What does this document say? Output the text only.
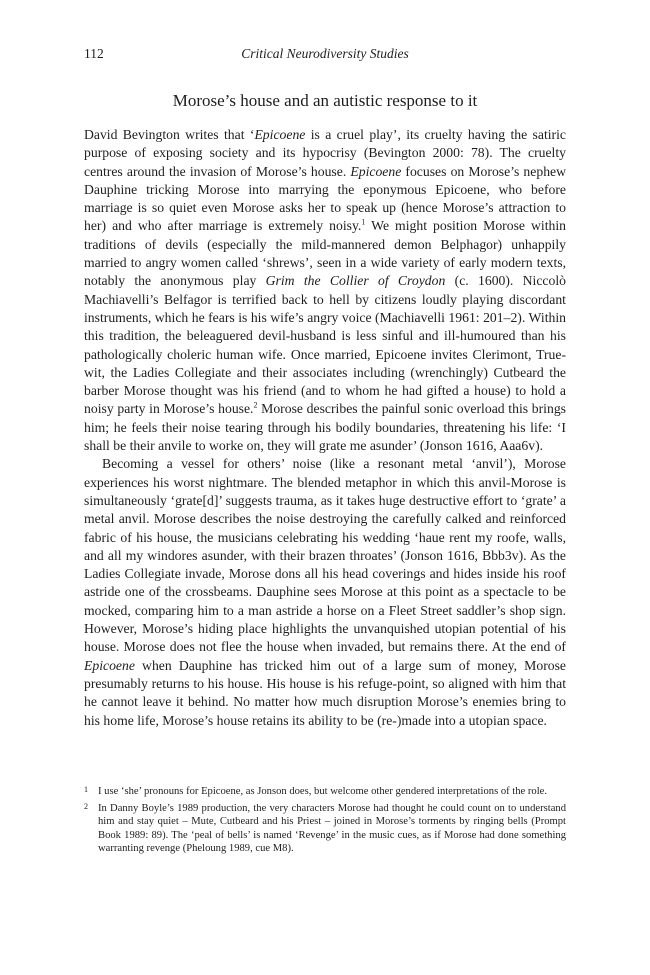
112	Critical Neurodiversity Studies
Morose’s house and an autistic response to it

David Bevington writes that ‘Epicoene is a cruel play’, its cruelty having the satiric purpose of exposing society and its hypocrisy (Bevington 2000: 78). The cruelty centres around the invasion of Morose’s house. Epicoene focuses on Morose’s nephew Dauphine tricking Morose into marrying the eponymous Epicoene, who before marriage is so quiet even Morose asks her to speak up (hence Morose’s attraction to her) and who after marriage is extremely noisy.$^1$ We might position Morose within traditions of devils (especially the mild-mannered demon Belphagor) unhappily married to angry women called ‘shrews’, seen in a wide variety of early modern texts, notably the anonymous play Grim the Collier of Croydon (c. 1600). Niccolò Machiavelli’s Belfagor is terrified back to hell by citizens loudly playing discordant instruments, which he fears is his wife’s angry voice (Machiavelli 1961: 201–2). Within this tradition, the beleaguered devil-husband is less sinful and ill-humoured than his pathologically choleric human wife. Once married, Epicoene invites Clerimont, True-wit, the Ladies Collegiate and their associates including (wrenchingly) Cutbeard the barber Morose thought was his friend (and to whom he had gifted a house) to hold a noisy party in Morose’s house.$^2$ Morose describes the painful sonic overload this brings him; he feels their noise tearing through his bodily boundaries, threatening his life: ‘I shall be their anvile to worke on, they will grate me asunder’ (Jonson 1616, Aaa6v).

Becoming a vessel for others’ noise (like a resonant metal ‘anvil’), Morose experiences his worst nightmare. The blended metaphor in which this anvil-Morose is simultaneously ‘grate[d]’ suggests trauma, as it takes huge destructive effort to ‘grate’ a metal anvil. Morose describes the noise destroying the carefully calked and reinforced fabric of his house, the musicians celebrating his wedding ‘haue rent my roofe, walls, and all my windores asunder, with their brazen throates’ (Jonson 1616, Bbb3v). As the Ladies Collegiate invade, Morose dons all his head coverings and hides inside his roof astride one of the crossbeams. Dauphine sees Morose at this point as a spectacle to be mocked, comparing him to a man astride a horse on a Fleet Street saddler’s shop sign. However, Morose’s hiding place highlights the unvanquished utopian potential of his house. Morose does not flee the house when invaded, but remains there. At the end of Epicoene when Dauphine has tricked him out of a large sum of money, Morose presumably returns to his house. His house is his refuge-point, so aligned with him that he cannot leave it behind. No matter how much disruption Morose’s enemies bring to his home life, Morose’s house retains its ability to be (re-)made into a utopian space.

1 I use ‘she’ pronouns for Epicoene, as Jonson does, but welcome other gendered interpretations of the role.
2 In Danny Boyle’s 1989 production, the very characters Morose had thought he could count on to understand him and stay quiet – Mute, Cutbeard and his Priest – joined in Morose’s torments by ringing bells (Prompt Book 1989: 89). The ‘peal of bells’ is named ‘Revenge’ in the music cues, as if Morose had done something warranting revenge (Pheloung 1989, cue M8).
